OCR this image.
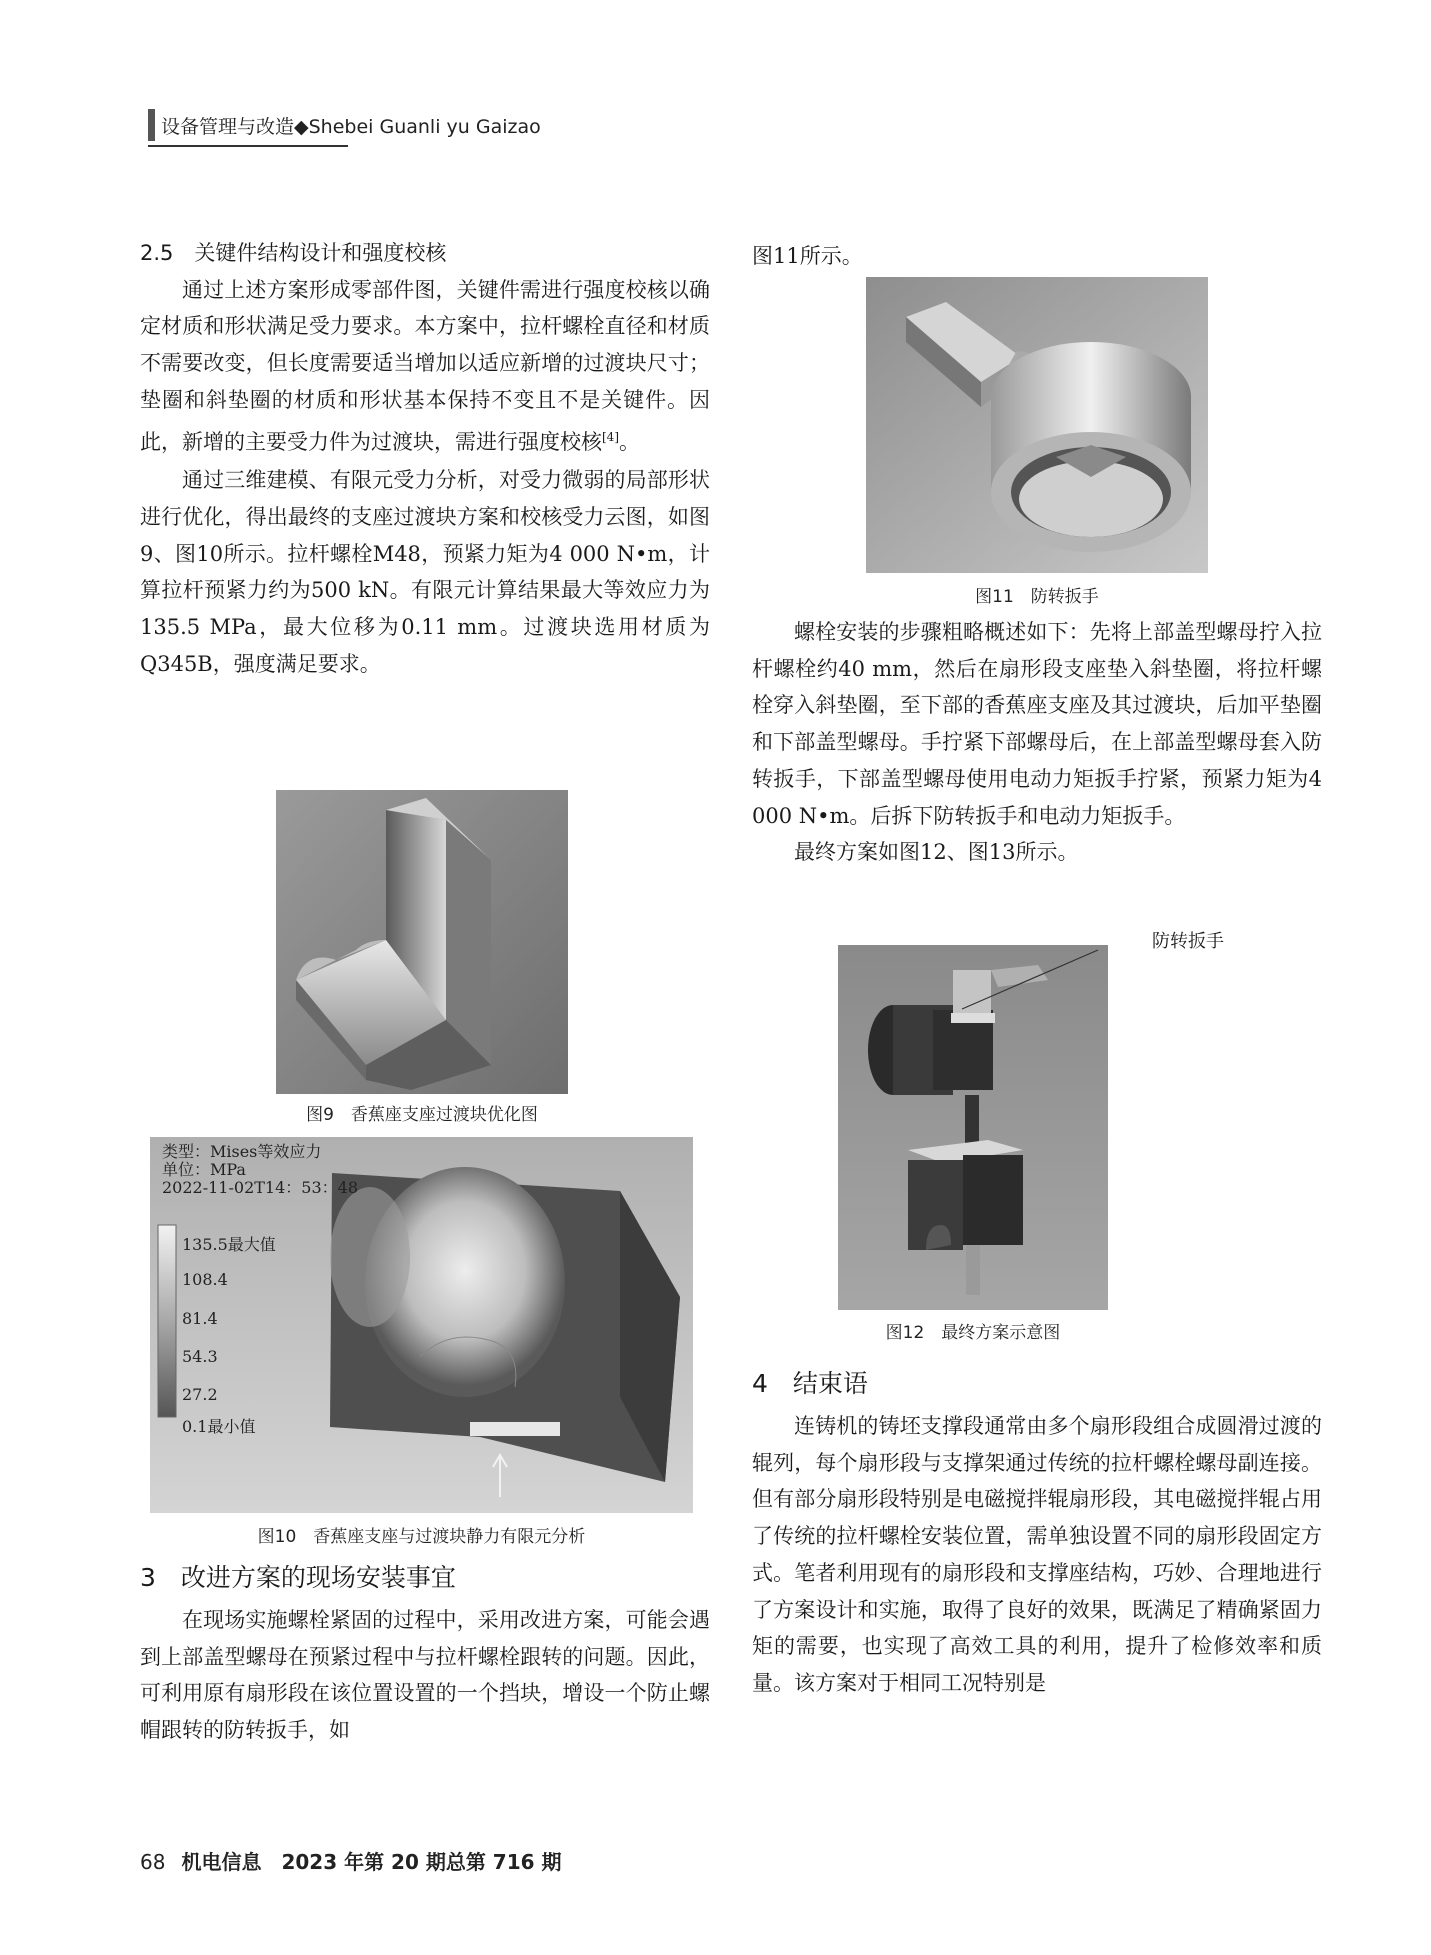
设备管理与改造◆Shebei Guanli yu Gaizao

2.5　关键件结构设计和强度校核

通过上述方案形成零部件图，关键件需进行强度校核以确定材质和形状满足受力要求。本方案中，拉杆螺栓直径和材质不需要改变，但长度需要适当增加以适应新增的过渡块尺寸；垫圈和斜垫圈的材质和形状基本保持不变且不是关键件。因此，新增的主要受力件为过渡块，需进行强度校核[4]。

通过三维建模、有限元受力分析，对受力微弱的局部形状进行优化，得出最终的支座过渡块方案和校核受力云图，如图9、图10所示。拉杆螺栓M48，预紧力矩为4 000 N•m，计算拉杆预紧力约为500 kN。有限元计算结果最大等效应力为135.5 MPa，最大位移为0.11 mm。过渡块选用材质为Q345B，强度满足要求。

图9　香蕉座支座过渡块优化图
类型：Mises等效应力
单位：MPa
2022-11-02T14：53：48
135.5最大值
108.4
81.4
54.3
27.2
0.1最小值
图10　香蕉座支座与过渡块静力有限元分析

3　改进方案的现场安装事宜

在现场实施螺栓紧固的过程中，采用改进方案，可能会遇到上部盖型螺母在预紧过程中与拉杆螺栓跟转的问题。因此，可利用原有扇形段在该位置设置的一个挡块，增设一个防止螺帽跟转的防转扳手，如

图11所示。

图11　防转扳手

螺栓安装的步骤粗略概述如下：先将上部盖型螺母拧入拉杆螺栓约40 mm，然后在扇形段支座垫入斜垫圈，将拉杆螺栓穿入斜垫圈，至下部的香蕉座支座及其过渡块，后加平垫圈和下部盖型螺母。手拧紧下部螺母后，在上部盖型螺母套入防转扳手，下部盖型螺母使用电动力矩扳手拧紧，预紧力矩为4 000 N•m。后拆下防转扳手和电动力矩扳手。

最终方案如图12、图13所示。

防转扳手
图12　最终方案示意图

4　结束语

连铸机的铸坯支撑段通常由多个扇形段组合成圆滑过渡的辊列，每个扇形段与支撑架通过传统的拉杆螺栓螺母副连接。但有部分扇形段特别是电磁搅拌辊扇形段，其电磁搅拌辊占用了传统的拉杆螺栓安装位置，需单独设置不同的扇形段固定方式。笔者利用现有的扇形段和支撑座结构，巧妙、合理地进行了方案设计和实施，取得了良好的效果，既满足了精确紧固力矩的需要，也实现了高效工具的利用，提升了检修效率和质量。该方案对于相同工况特别是

68 机电信息　2023 年第 20 期总第 716 期
